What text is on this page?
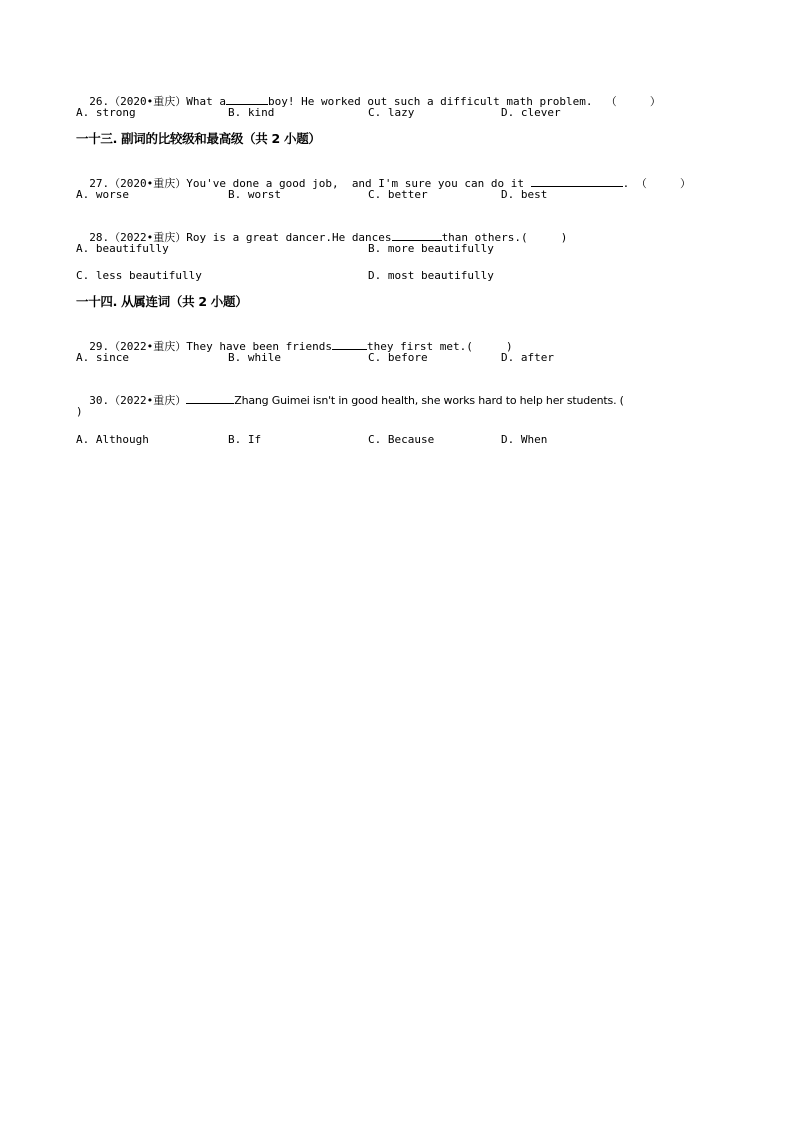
26.（2020•重庆）What a	boy! He worked out such a difficult math problem. （     ）

A. strong	B. kind	C. lazy	D. clever
一十三. 副词的比较级和最高级（共 2 小题）

27.（2020•重庆）You've done a good job,  and I'm sure you can do it	. （     ）

A. worse	B. worst	C. better	D. best

28.（2022•重庆）Roy is a great dancer.He dances	than others.(     )

A. beautifully	B. more beautifully
C. less beautifully	D. most beautifully
一十四. 从属连词（共 2 小题）

29.（2022•重庆）They have been friends	they first met.(     )

A. since	B. while	C. before	D. after

30.（2022•重庆）	Zhang Guimei isn't in good health, she works hard to help her students. (

)
A. Although	B. If	C. Because	D. When
